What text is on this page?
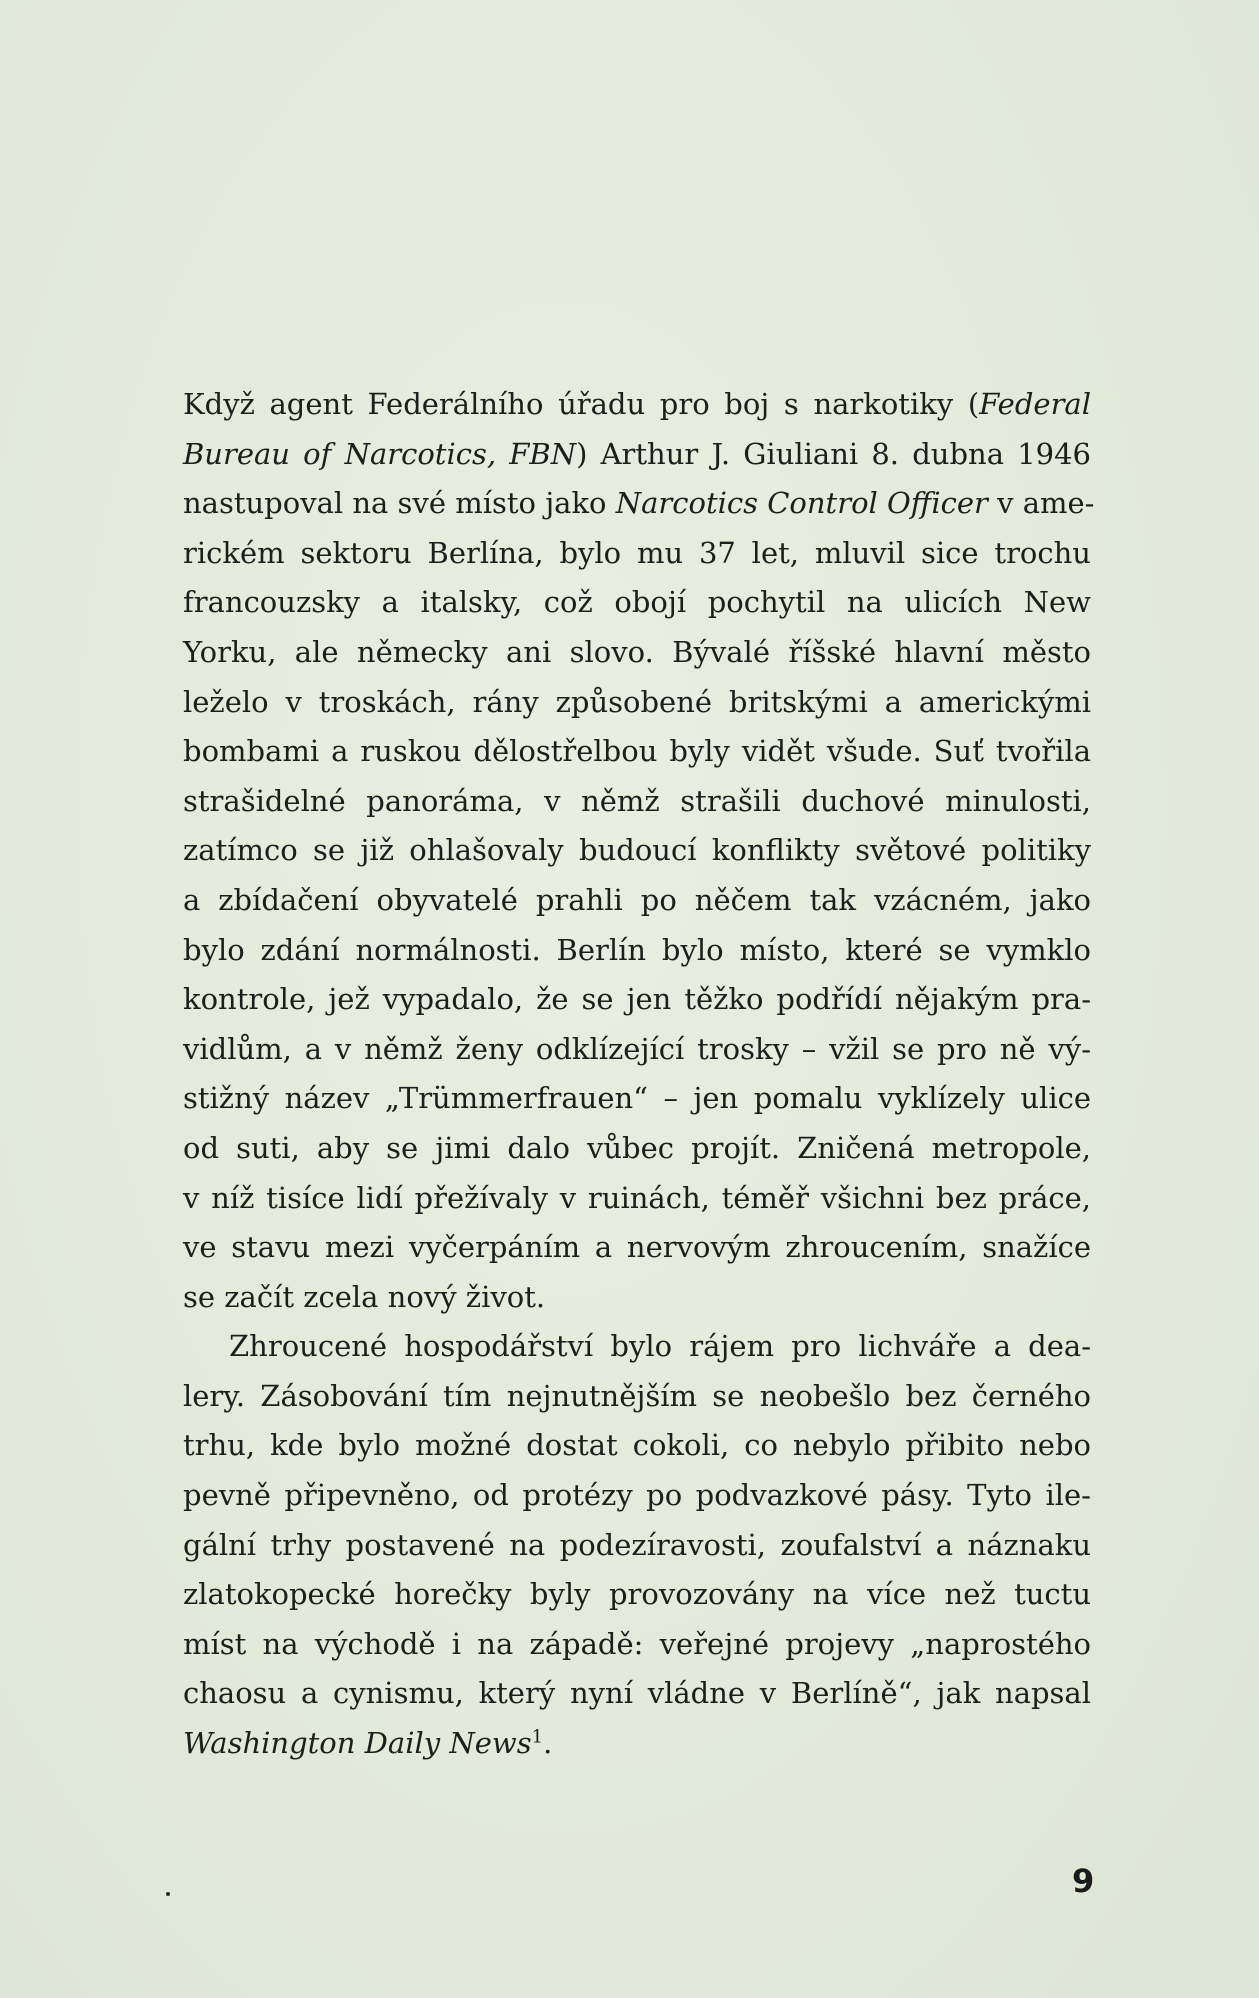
Když agent Federálního úřadu pro boj s narkotiky (Federal
Bureau of Narcotics, FBN) Arthur J. Giuliani 8. dubna 1946
nastupoval na své místo jako Narcotics Control Officer v ame-
rickém sektoru Berlína, bylo mu 37 let, mluvil sice trochu
francouzsky a italsky, což obojí pochytil na ulicích New
Yorku, ale německy ani slovo. Bývalé říšské hlavní město
leželo v troskách, rány způsobené britskými a americkými
bombami a ruskou dělostřelbou byly vidět všude. Suť tvořila
strašidelné panoráma, v němž strašili duchové minulosti,
zatímco se již ohlašovaly budoucí konflikty světové politiky
a zbídačení obyvatelé prahli po něčem tak vzácném, jako
bylo zdání normálnosti. Berlín bylo místo, které se vymklo
kontrole, jež vypadalo, že se jen těžko podřídí nějakým pra-
vidlům, a v němž ženy odklízející trosky – vžil se pro ně vý-
stižný název „Trümmerfrauen“ – jen pomalu vyklízely ulice
od suti, aby se jimi dalo vůbec projít. Zničená metropole,
v níž tisíce lidí přežívaly v ruinách, téměř všichni bez práce,
ve stavu mezi vyčerpáním a nervovým zhroucením, snažíce
se začít zcela nový život.
Zhroucené hospodářství bylo rájem pro lichváře a dea-
lery. Zásobování tím nejnutnějším se neobešlo bez černého
trhu, kde bylo možné dostat cokoli, co nebylo přibito nebo
pevně připevněno, od protézy po podvazkové pásy. Tyto ile-
gální trhy postavené na podezíravosti, zoufalství a náznaku
zlatokopecké horečky byly provozovány na více než tuctu
míst na východě i na západě: veřejné projevy „naprostého
chaosu a cynismu, který nyní vládne v Berlíně“, jak napsal
Washington Daily News$^1$.
9
